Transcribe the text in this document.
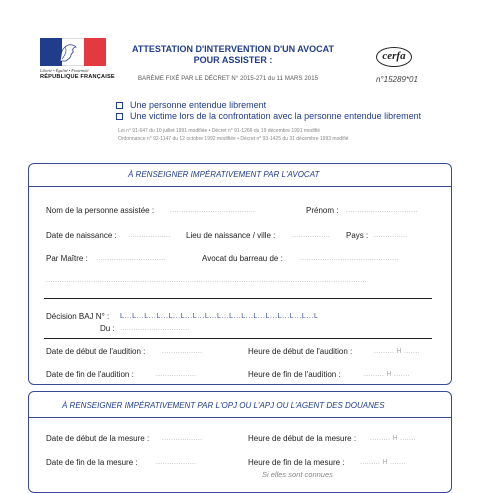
Liberté • Égalité • Fraternité
RÉPUBLIQUE FRANÇAISE
ATTESTATION D'INTERVENTION D'UN AVOCAT
POUR ASSISTER :
BARÈME FIXÉ PAR LE DÉCRET N° 2015-271 du 11 MARS 2015
cerfa
n°15289*01
Une personne entendue librement
Une victime lors de la confrontation avec la personne entendue librement
Loi n° 91-647 du 10 juillet 1991 modifiée • Décret n° 91-1266 du 19 décembre 1991 modifié
Ordonnance n° 92-1147 du 12 octobre 1992 modifiée • Décret n° 93-1425 du 31 décembre 1993 modifié
À RENSEIGNER IMPÉRATIVEMENT PAR L'AVOCAT
Nom de la personne assistée : ......................................	Prénom : ................................
Date de naissance : ................... Lieu de naissance / ville : ................. Pays : ...............
Par Maître : ...............................	Avocat du barreau de : ............................................
...............................................................................................................................................
Décision BAJ N° : L...L...L...L...L...L...L...L...L...L...L...L...L...L...L...L...L
Du : ...............................
Date de début de l'audition : ..................	Heure de début de l'audition :	......... H .......
Date de fin de l'audition :	..................	Heure de fin de l'audition :	......... H .......
À RENSEIGNER IMPÉRATIVEMENT PAR L'OPJ OU L'APJ OU L'AGENT DES DOUANES
Date de début de la mesure : ..................	Heure de début de la mesure : ......... H .......
Date de fin de la mesure :	..................	Heure de fin de la mesure : ......... H .......
Si elles sont connues
